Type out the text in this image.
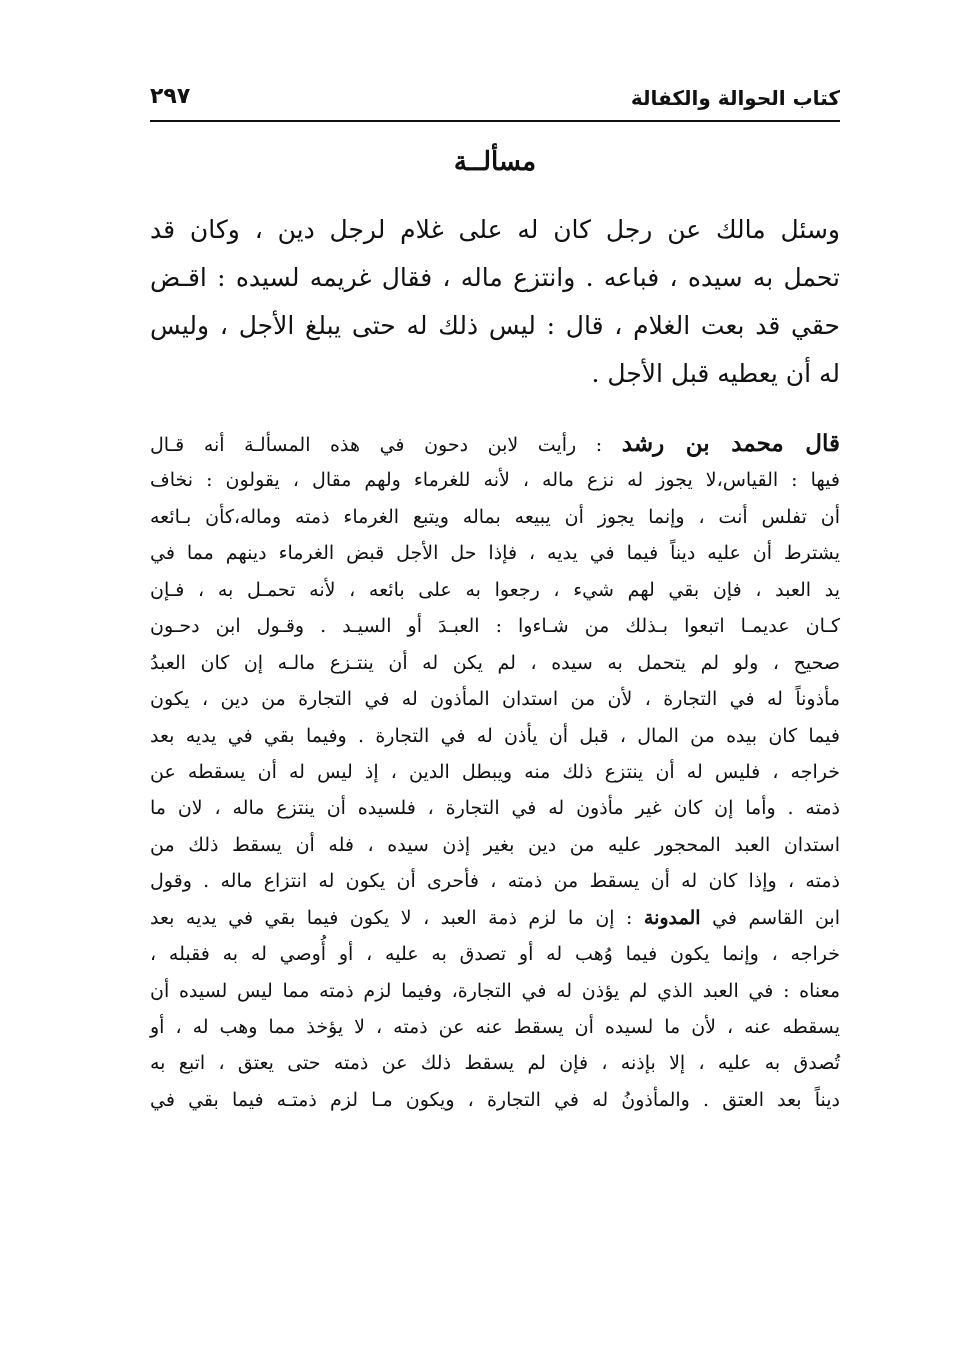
كتاب الحوالة والكفالة
٢٩٧
مسألــة
وسئل مالك عن رجل كان له على غلام لرجل دين ، وكان قد
تحمل به سيده ، فباعه . وانتزع ماله ، فقال غريمه لسيده : اقـض
حقي قد بعت الغلام ، قال : ليس ذلك له حتى يبلغ الأجل ، وليس
له أن يعطيه قبل الأجل .
قال محمد بن رشد : رأيت لابن دحون في هذه المسألـة أنه قـال
فيها : القياس،لا يجوز له نزع ماله ، لأنه للغرماء ولهم مقال ، يقولون : نخاف
أن تفلس أنت ، وإنما يجوز أن يبيعه بماله ويتبع الغرماء ذمته وماله،كأن بـائعه
يشترط أن عليه ديناً فيما في يديه ، فإذا حل الأجل قبض الغرماء دينهم مما في
يد العبد ، فإن بقي لهم شيء ، رجعوا به على بائعه ، لأنه تحمـل به ، فـإن
كـان عديمـا اتبعوا بـذلك من شـاءوا : العبـدَ أو السيـد . وقـول ابن دحـون
صحيح ، ولو لم يتحمل به سيده ، لم يكن له أن ينتـزع مالـه إن كان العبدُ
مأذوناً له في التجارة ، لأن من استدان المأذون له في التجارة من دين ، يكون
فيما كان بيده من المال ، قبل أن يأذن له في التجارة . وفيما بقي في يديه بعد
خراجه ، فليس له أن ينتزع ذلك منه ويبطل الدين ، إذ ليس له أن يسقطه عن
ذمته . وأما إن كان غير مأذون له في التجارة ، فلسيده أن ينتزع ماله ، لان ما
استدان العبد المحجور عليه من دين بغير إذن سيده ، فله أن يسقط ذلك من
ذمته ، وإذا كان له أن يسقط من ذمته ، فأحرى أن يكون له انتزاع ماله . وقول
ابن القاسم في المدونة : إن ما لزم ذمة العبد ، لا يكون فيما بقي في يديه بعد
خراجه ، وإنما يكون فيما وُهب له أو تصدق به عليه ، أو أُوصي له به فقبله ،
معناه : في العبد الذي لم يؤذن له في التجارة، وفيما لزم ذمته مما ليس لسيده أن
يسقطه عنه ، لأن ما لسيده أن يسقط عنه عن ذمته ، لا يؤخذ مما وهب له ، أو
تُصدق به عليه ، إلا بإذنه ، فإن لم يسقط ذلك عن ذمته حتى يعتق ، اتبع به
ديناً بعد العتق . والمأذونُ له في التجارة ، ويكون مـا لزم ذمتـه فيما بقي في
